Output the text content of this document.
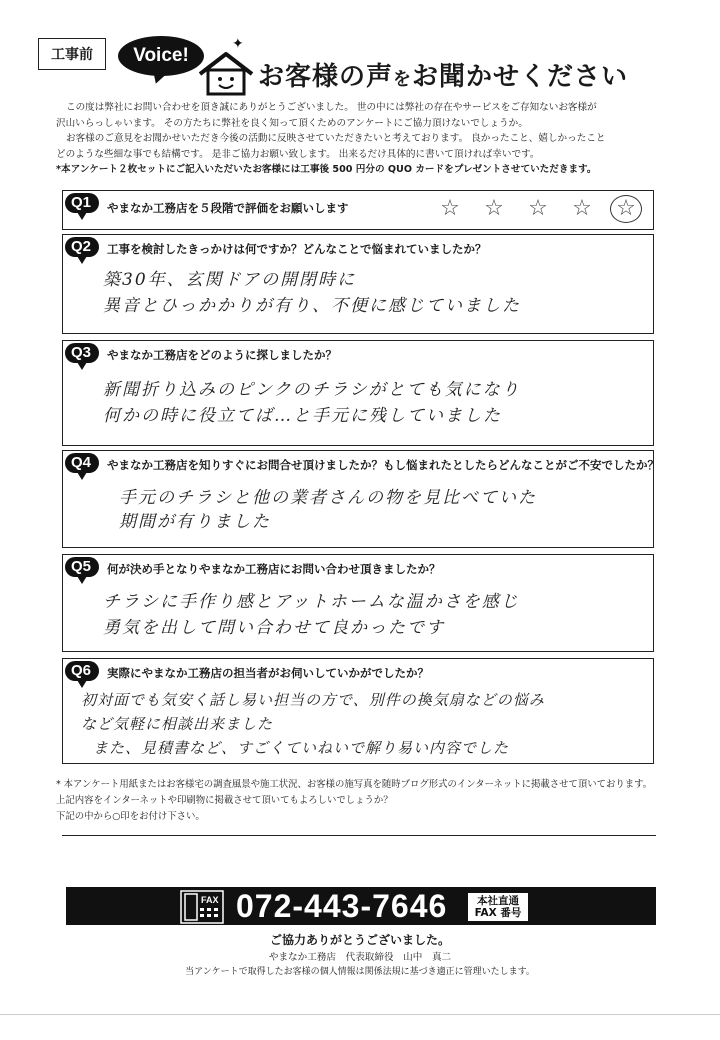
工事前	Voice!
✦
お客様の声をお聞かせください

この度は弊社にお問い合わせを頂き誠にありがとうございました。 世の中には弊社の存在やサービスをご存知ないお客様が

沢山いらっしゃいます。 その方たちに弊社を良く知って頂くためのアンケートにご協力頂けないでしょうか。

お客様のご意見をお聞かせいただき今後の活動に反映させていただきたいと考えております。 良かったこと、嬉しかったこと

どのような些細な事でも結構です。 是非ご協力お願い致します。 出来るだけ具体的に書いて頂ければ幸いです。

*本アンケート２枚セットにご記入いただいたお客様には工事後 500 円分の QUO カードをプレゼントさせていただきます。

Q1	やまなか工務店を５段階で評価をお願いします	☆ ☆ ☆ ☆ ☆
Q2	工事を検討したきっかけは何ですか？どんなことで悩まれていましたか？
築30年、玄関ドアの開閉時に
異音とひっかかりが有り、不便に感じていました
Q3	やまなか工務店をどのように探しましたか？
新聞折り込みのピンクのチラシがとても気になり
何かの時に役立てば…と手元に残していました
Q4	やまなか工務店を知りすぐにお問合せ頂けましたか？もし悩まれたとしたらどんなことがご不安でしたか？
手元のチラシと他の業者さんの物を見比べていた
期間が有りました
Q5	何が決め手となりやまなか工務店にお問い合わせ頂きましたか？
チラシに手作り感とアットホームな温かさを感じ
勇気を出して問い合わせて良かったです
Q6	実際にやまなか工務店の担当者がお伺いしていかがでしたか？
初対面でも気安く話し易い担当の方で、別件の換気扇などの悩み
など気軽に相談出来ました
また、見積書など、すごくていねいで解り易い内容でした
* 本アンケート用紙またはお客様宅の調査風景や施工状況、お客様の施写真を随時ブログ形式のインターネットに掲載させて頂いております。
上記内容をインターネットや印刷物に掲載させて頂いてもよろしいでしょうか？
下記の中から○印をお付け下さい。
FAX 072-443-7646	本社直通
FAX 番号
ご協力ありがとうございました。
やまなか工務店　代表取締役　山中　真二
当アンケートで取得したお客様の個人情報は関係法規に基づき適正に管理いたします。
